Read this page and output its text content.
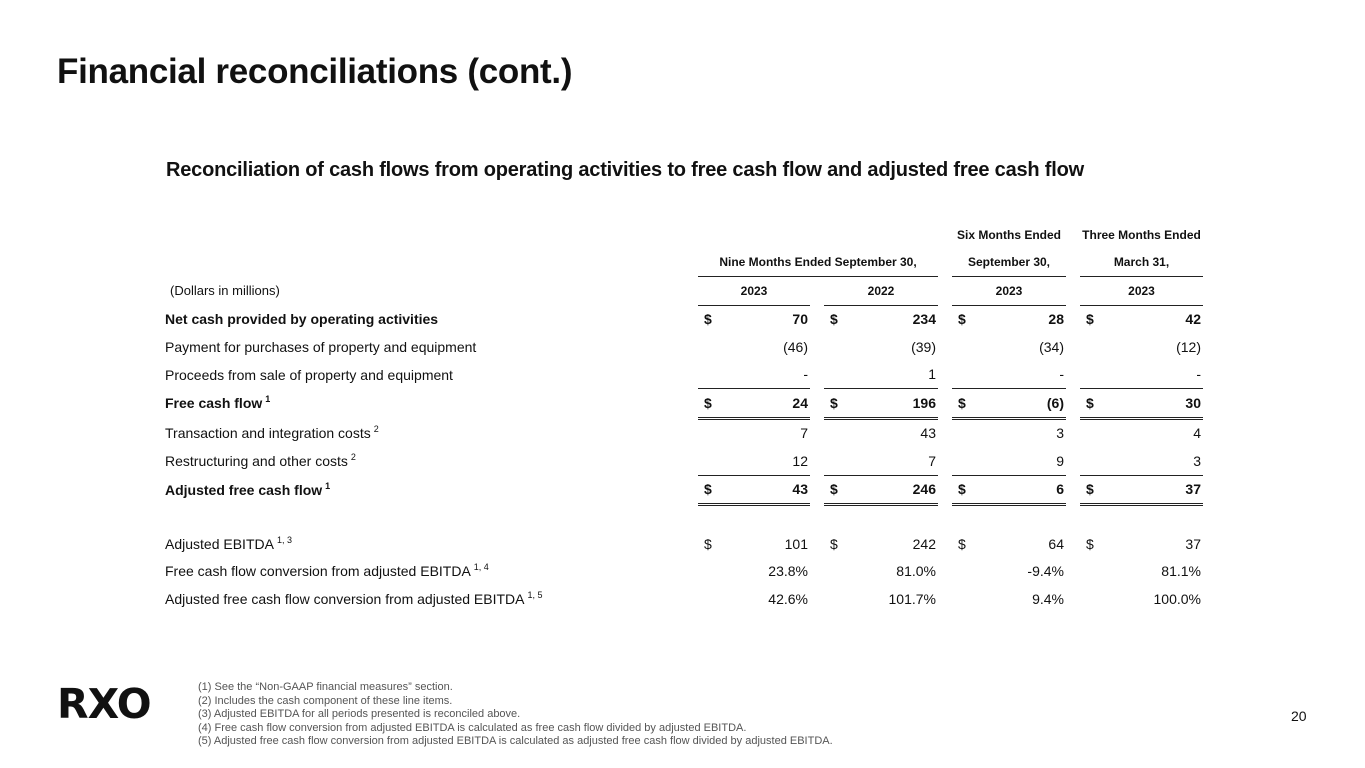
Financial reconciliations (cont.)
Reconciliation of cash flows from operating activities to free cash flow and adjusted free cash flow
							Six Months Ended			Three Months Ended	
	Nine Months Ended September 30,						September 30,			March 31,	
(Dollars in millions)	2023			2022			2023			2023	
Net cash provided by operating activities	$	70		$	234		$	28		$	42
Payment for purchases of property and equipment		(46)			(39)			(34)			(12)
Proceeds from sale of property and equipment		-			1			-			-
Free cash flow $^1$	$	24		$	196		$	(6)		$	30
Transaction and integration costs $^2$		7			43			3			4
Restructuring and other costs $^2$		12			7			9			3
Adjusted free cash flow $^1$	$	43		$	246		$	6		$	37

Adjusted EBITDA $^{1, 3}$	$	101		$	242		$	64		$	37
Free cash flow conversion from adjusted EBITDA $^{1, 4}$		23.8%			81.0%			-9.4%			81.1%
Adjusted free cash flow conversion from adjusted EBITDA $^{1, 5}$		42.6%			101.7%			9.4%			100.0%
RXO	(1) See the “Non-GAAP financial measures” section.
(2) Includes the cash component of these line items.
(3) Adjusted EBITDA for all periods presented is reconciled above.
(4) Free cash flow conversion from adjusted EBITDA is calculated as free cash flow divided by adjusted EBITDA.
(5) Adjusted free cash flow conversion from adjusted EBITDA is calculated as adjusted free cash flow divided by adjusted EBITDA.
20
